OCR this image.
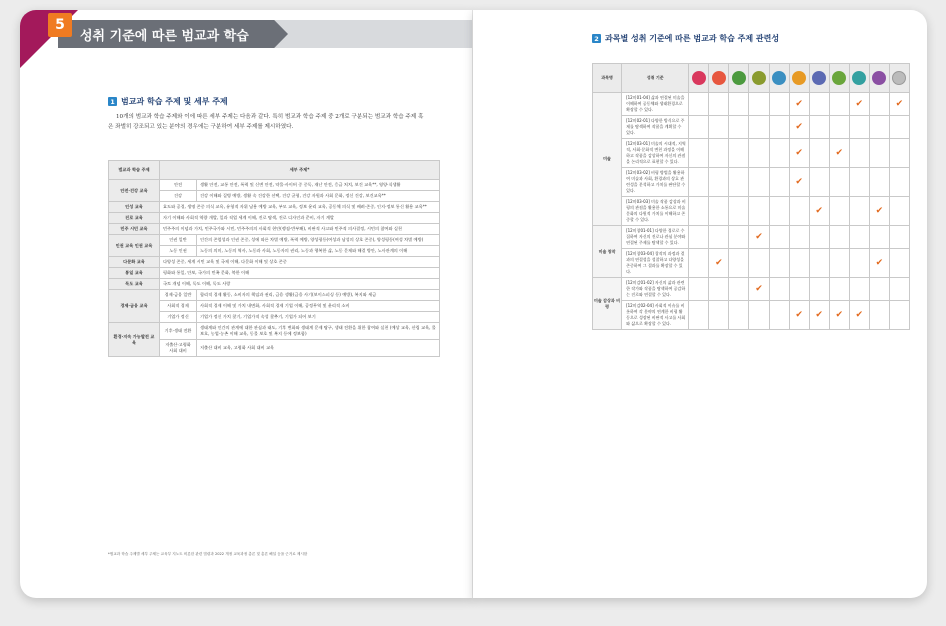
5
성취 기준에 따른 범교과 학습
1 범교과 학습 주제 및 세부 주제
10개의 범교과 학습 주제와 이에 따른 세부 주제는 다음과 같다. 특히 범교과 학습 주제 중 2개로 구분되는 범교과 학습 주제 혹은 좌벌히 강조되고 있는 분야의 경우에는 구분하여 세부 주제를 제시하였다.
범교과 학습 주제	세부 주제*	
안전·건강 교육	안전	생활 안전, 교통 안전, 폭력 및 신변 안전, 약물·사이버 중 중독, 재난 안전, 응급 처치, 보건 교육**, 영양·식생활
	건강	건강 이해와 질병 예방, 생활 속 건강한 선택, 건강 균형, 건강 자원과 사회 문화, 정신 건강, 보건교육**
인성 교육	효도와 공경, 생명 존중 의식 교육, 유형적 자위 남용 예방 교육, 부모 교육, 정보 윤리 교육, 공동체 의식 및 배려·존중, 인지·정보 통신 활용 교육**	
진로 교육	자기 이해와 사회적 역량 개발, 일과 직업 세계 이해, 진로 탐색, 진로 디자인과 준비, 자기 계발	
민주 시민 교육	민주주의 이념과 가치, 민주국가와 시민, 민주주의의 사회적 현안(쟁점·반부패), 비판적 사고와 민주적 의사결정, 시민의 참여와 실천	
인권 교육 인권 교육	인권 일반	인간의 존엄성과 인권 존중, 성에 따른 차별 예방, 폭력 예방, 양성평등(여성과 남성의 상호 존중), 양성평등(여성 차별 예방)
	노동 인권	노동의 의미, 노동의 역사, 노동과 사회, 노동자의 권리, 노동과 행복한 삶, 노동 문제와 해결 방안, 노사관계의 이해
다문화 교육	다양성 존중, 세계 시민 교육 및 국제 이해, 다문화 이해 및 상호 존중	
통일 교육	평화와 통일, 안보, 국가의 민족 문화, 북한 이해	
독도 교육	국토 개념 이해, 독도 이해, 독도 사랑	
경제·금융 교육	경제·금융 일반	합리적 경제 활동, 소비자의 책임과 권리, 금융 생활(금융 사기(보이스피싱 등) 예방), 복지와 세금
	사회적 경제	사회적 경제 이해 및 가치 내면화, 사회적 경제 기업 이해, 공정무역 및 윤리적 소비
	기업가 정신	기업가 정신 가치 찾기, 기업가적 속성 찾추기, 기업가 되어 보기
환경·지속 가능발전 교육	기후·생태 전환	생태계와 인간의 관계에 대한 관심과 태도, 기후 변화와 생태계 문제 탐구, 생태 전환을 위한 참여와 실천 (예상 교육, 산림 교육, 물 보호, 농업·농촌 이해 교육, 동물 보호 및 복지 등에 정보함)
	저출산·고령화 사회 대비	저출산 대비 교육, 고령화 사회 대비 교육
*범교과 학습 주제별 세부 주제는 교육부 지노트 비롯한 관련 법령과 2022 개정 교육과정 총론 및 총론 해설 등을 근거로 제시함
2 과목별 성취 기준에 따른 범교과 학습 주제 관련성
과목명	성취 기준											
미술	[12미01-04] 삶과 연결된 미술을 이해하여 공동체와 생태환경으로 확장할 수 있다.						✔			✔		✔
	[12미02-01] 다양한 방식으로 주제를 탐색하여 작품을 계획할 수 있다.						✔					
	[12미03-01] 미술의 시대적, 지역적, 사회·문화적 변천 과정을 이해하고 작품을 감상하여 자신의 관점을 논리적으로 표현할 수 있다.						✔		✔			
	[12미03-02] 비평 방법을 활용하여 미술과 사회, 환경과의 상호 관련성을 분석하고 가치를 판단할 수 있다.						✔					
	[12미03-03] 미술 작품 감상과 비평의 관점을 활용한 소통으로 미술 문화의 다원적 가치를 이해하고 존중할 수 있다.							✔			✔	
미술 창작	[12미창01-01] 다양한 경로로 수집하여 자신의 진로나 관심 분야와 연결된 주제를 탐색할 수 있다.				✔							
	[12미창03-04] 창작의 과정과 결과의 연결성을 성찰하고 다양성을 존중하여 그 결과를 확장할 수 있다.		✔								✔	
미술 감상과 비평	[12미감01-02] 자신의 삶과 관련한 작가와 작품을 탐색하여 공감하는 진로와 연결할 수 있다.				✔							
	[12미감02-04] 사회적 이슈를 비롯하여 각 분야의 연계한 비평 활동으로 성장된 비판적 사고를 사회와 삶으로 확장할 수 있다.						✔	✔	✔	✔		
